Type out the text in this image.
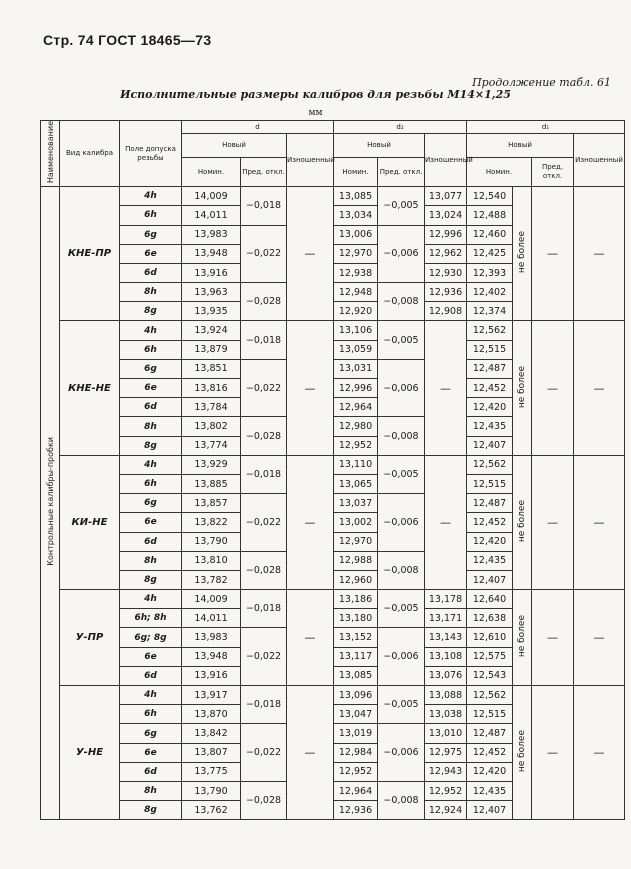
Стр. 74 ГОСТ 18465—73
Продолжение табл. 61
Исполнительные размеры калибров для резьбы М14×1,25
мм
Наименование	Вид калибра	Поле допуска резьбы	d			d₂			d₁			
			Новый		Изношенный	Новый		Изношенный	Новый			Изношенный
			Номин.	Пред. откл.		Номин.	Пред. откл.		Номин.		Пред. откл.	
Контрольные калибры-пробки	КНЕ-ПР	4h	14,009	−0,018	—	13,085	−0,005	13,077	12,540	не более	—	—
		6h	14,011			13,034		13,024	12,488			
		6g	13,983	−0,022		13,006	−0,006	12,996	12,460			
		6e	13,948			12,970		12,962	12,425			
		6d	13,916			12,938		12,930	12,393			
		8h	13,963	−0,028		12,948	−0,008	12,936	12,402			
		8g	13,935			12,920		12,908	12,374			
	КНЕ-НЕ	4h	13,924	−0,018	—	13,106	−0,005	—	12,562	не более	—	—
		6h	13,879			13,059			12,515			
		6g	13,851	−0,022		13,031	−0,006		12,487			
		6e	13,816			12,996			12,452			
		6d	13,784			12,964			12,420			
		8h	13,802	−0,028		12,980	−0,008		12,435			
		8g	13,774			12,952			12,407			
	КИ-НЕ	4h	13,929	−0,018	—	13,110	−0,005	—	12,562	не более	—	—
		6h	13,885			13,065			12,515			
		6g	13,857	−0,022		13,037	−0,006		12,487			
		6e	13,822			13,002			12,452			
		6d	13,790			12,970			12,420			
		8h	13,810	−0,028		12,988	−0,008		12,435			
		8g	13,782			12,960			12,407			
	У-ПР	4h	14,009	−0,018	—	13,186	−0,005	13,178	12,640	не более	—	—
		6h; 8h	14,011			13,180		13,171	12,638			
		6g; 8g	13,983	−0,022		13,152	−0,006	13,143	12,610			
		6e	13,948			13,117		13,108	12,575			
		6d	13,916			13,085		13,076	12,543			
	У-НЕ	4h	13,917	−0,018	—	13,096	−0,005	13,088	12,562	не более	—	—
		6h	13,870			13,047		13,038	12,515			
		6g	13,842	−0,022		13,019	−0,006	13,010	12,487			
		6e	13,807			12,984		12,975	12,452			
		6d	13,775			12,952		12,943	12,420			
		8h	13,790	−0,028		12,964	−0,008	12,952	12,435			
		8g	13,762			12,936		12,924	12,407			
